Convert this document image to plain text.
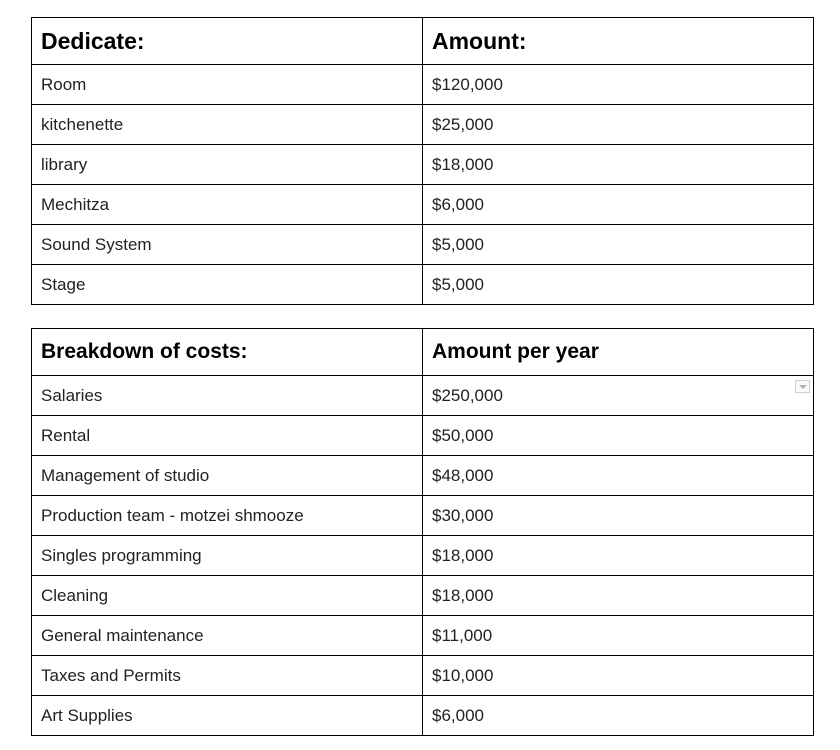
Dedicate:	Amount:
Room	$120,000
kitchenette	$25,000
library	$18,000
Mechitza	$6,000
Sound System	$5,000
Stage	$5,000
Breakdown of costs:	Amount per year
Salaries	$250,000

Rental	$50,000
Management of studio	$48,000
Production team - motzei shmooze	$30,000
Singles programming	$18,000
Cleaning	$18,000
General maintenance	$11,000
Taxes and Permits	$10,000
Art Supplies	$6,000
